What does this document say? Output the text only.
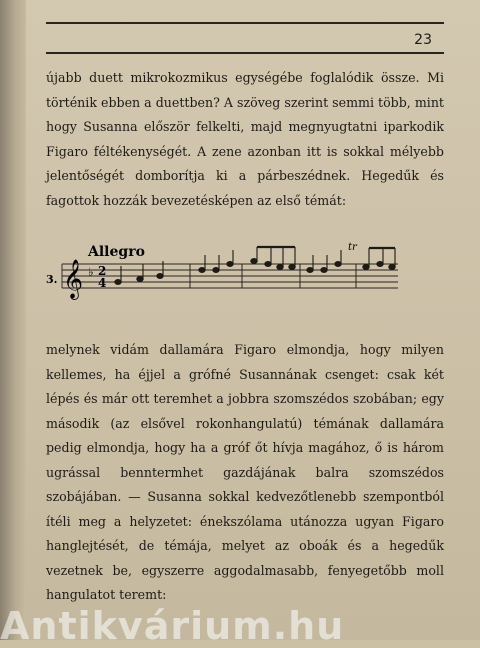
23

újabb duett mikrokozmikus egységébe foglalódik össze. Mi történik ebben a duettben? A szöveg szerint semmi több, mint hogy Susanna először felkelti, majd megnyugtatni iparkodik Figaro féltékenységét. A zene azonban itt is sokkal mélyebb jelentőségét domborítja ki a párbeszédnek. Hegedűk és fagottok hozzák bevezetésképen az első témát:

3.
Allegro
𝄞 ♭ 2
4
tr

melynek vidám dallamára Figaro elmondja, hogy milyen kellemes, ha éjjel a grófné Susannának csenget: csak két lépés és már ott teremhet a jobbra szomszédos szobában; egy második (az elsővel rokonhangulatú) témának dallamára pedig elmondja, hogy ha a gróf őt hívja magához, ő is három ugrással benntermhet gazdájának balra szomszédos szobájában. — Susanna sokkal kedvezőtlenebb szempontból ítéli meg a helyzetet: énekszólama utánozza ugyan Figaro hanglejtését, de témája, melyet az oboák és a hegedűk vezetnek be, egyszerre aggodalmasabb, fenyegetőbb moll hangulatot teremt:

Antikvárium.hu
